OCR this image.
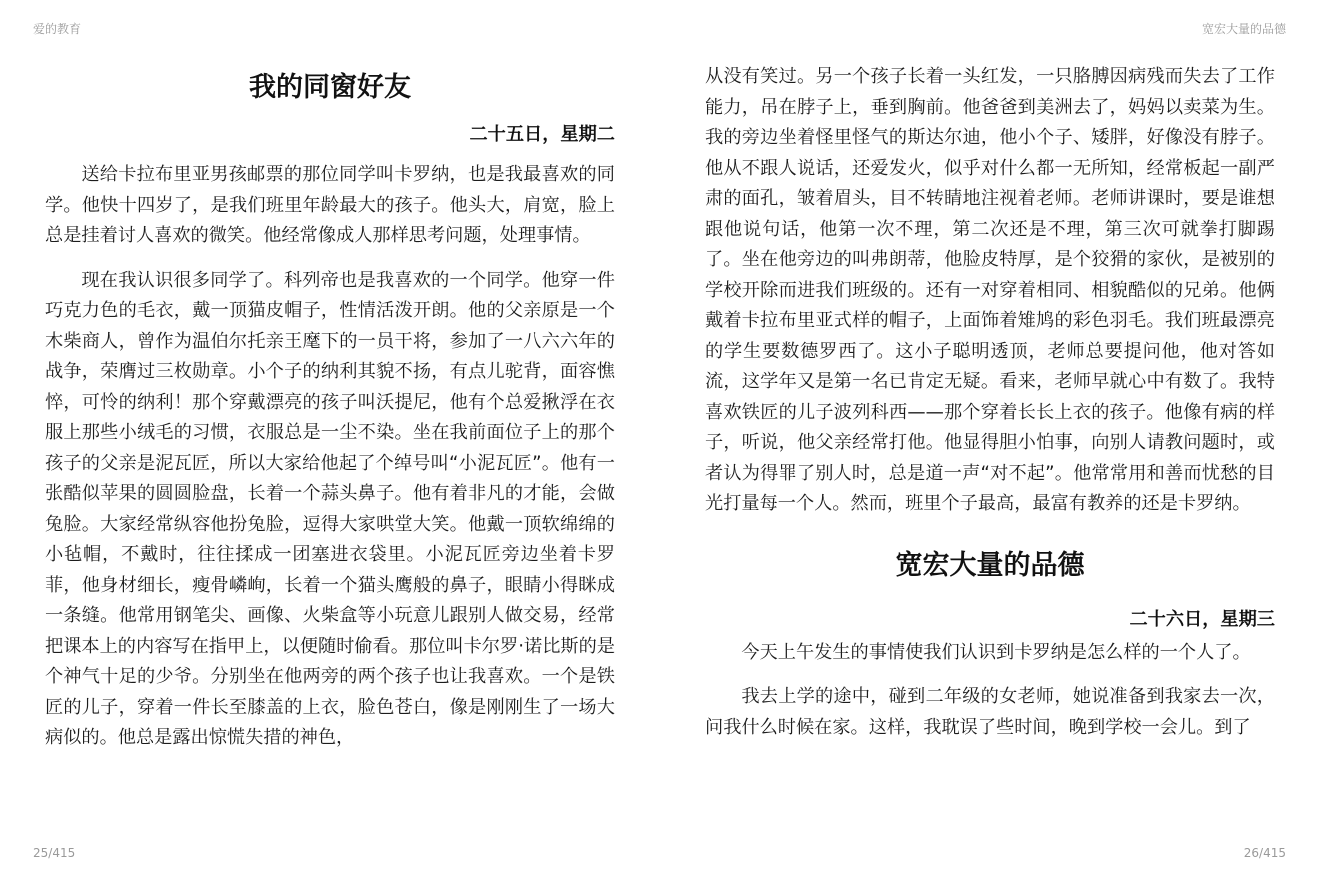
爱的教育	宽宏大量的品德
我的同窗好友
二十五日，星期二

送给卡拉布里亚男孩邮票的那位同学叫卡罗纳，也是我最喜欢的同学。他快十四岁了，是我们班里年龄最大的孩子。他头大，肩宽，脸上总是挂着讨人喜欢的微笑。他经常像成人那样思考问题，处理事情。

现在我认识很多同学了。科列帝也是我喜欢的一个同学。他穿一件巧克力色的毛衣，戴一顶猫皮帽子，性情活泼开朗。他的父亲原是一个木柴商人，曾作为温伯尔托亲王麾下的一员干将，参加了一八六六年的战争，荣膺过三枚勋章。小个子的纳利其貌不扬，有点儿驼背，面容憔悴，可怜的纳利！那个穿戴漂亮的孩子叫沃提尼，他有个总爱揪浮在衣服上那些小绒毛的习惯，衣服总是一尘不染。坐在我前面位子上的那个孩子的父亲是泥瓦匠，所以大家给他起了个绰号叫“小泥瓦匠”。他有一张酷似苹果的圆圆脸盘，长着一个蒜头鼻子。他有着非凡的才能，会做兔脸。大家经常纵容他扮兔脸，逗得大家哄堂大笑。他戴一顶软绵绵的小毡帽，不戴时，往往揉成一团塞进衣袋里。小泥瓦匠旁边坐着卡罗菲，他身材细长，瘦骨嶙峋，长着一个猫头鹰般的鼻子，眼睛小得眯成一条缝。他常用钢笔尖、画像、火柴盒等小玩意儿跟别人做交易，经常把课本上的内容写在指甲上，以便随时偷看。那位叫卡尔罗·诺比斯的是个神气十足的少爷。分别坐在他两旁的两个孩子也让我喜欢。一个是铁匠的儿子，穿着一件长至膝盖的上衣，脸色苍白，像是刚刚生了一场大病似的。他总是露出惊慌失措的神色，

从没有笑过。另一个孩子长着一头红发，一只胳膊因病残而失去了工作能力，吊在脖子上，垂到胸前。他爸爸到美洲去了，妈妈以卖菜为生。我的旁边坐着怪里怪气的斯达尔迪，他小个子、矮胖，好像没有脖子。他从不跟人说话，还爱发火，似乎对什么都一无所知，经常板起一副严肃的面孔，皱着眉头，目不转睛地注视着老师。老师讲课时，要是谁想跟他说句话，他第一次不理，第二次还是不理，第三次可就拳打脚踢了。坐在他旁边的叫弗朗蒂，他脸皮特厚，是个狡猾的家伙，是被别的学校开除而进我们班级的。还有一对穿着相同、相貌酷似的兄弟。他俩戴着卡拉布里亚式样的帽子，上面饰着雉鸠的彩色羽毛。我们班最漂亮的学生要数德罗西了。这小子聪明透顶，老师总要提问他，他对答如流，这学年又是第一名已肯定无疑。看来，老师早就心中有数了。我特喜欢铁匠的儿子波列科西——那个穿着长长上衣的孩子。他像有病的样子，听说，他父亲经常打他。他显得胆小怕事，向别人请教问题时，或者认为得罪了别人时，总是道一声“对不起”。他常常用和善而忧愁的目光打量每一个人。然而，班里个子最高，最富有教养的还是卡罗纳。

宽宏大量的品德
二十六日，星期三

今天上午发生的事情使我们认识到卡罗纳是怎么样的一个人了。

我去上学的途中，碰到二年级的女老师，她说准备到我家去一次，问我什么时候在家。这样，我耽误了些时间，晚到学校一会儿。到了

25/415	26/415
